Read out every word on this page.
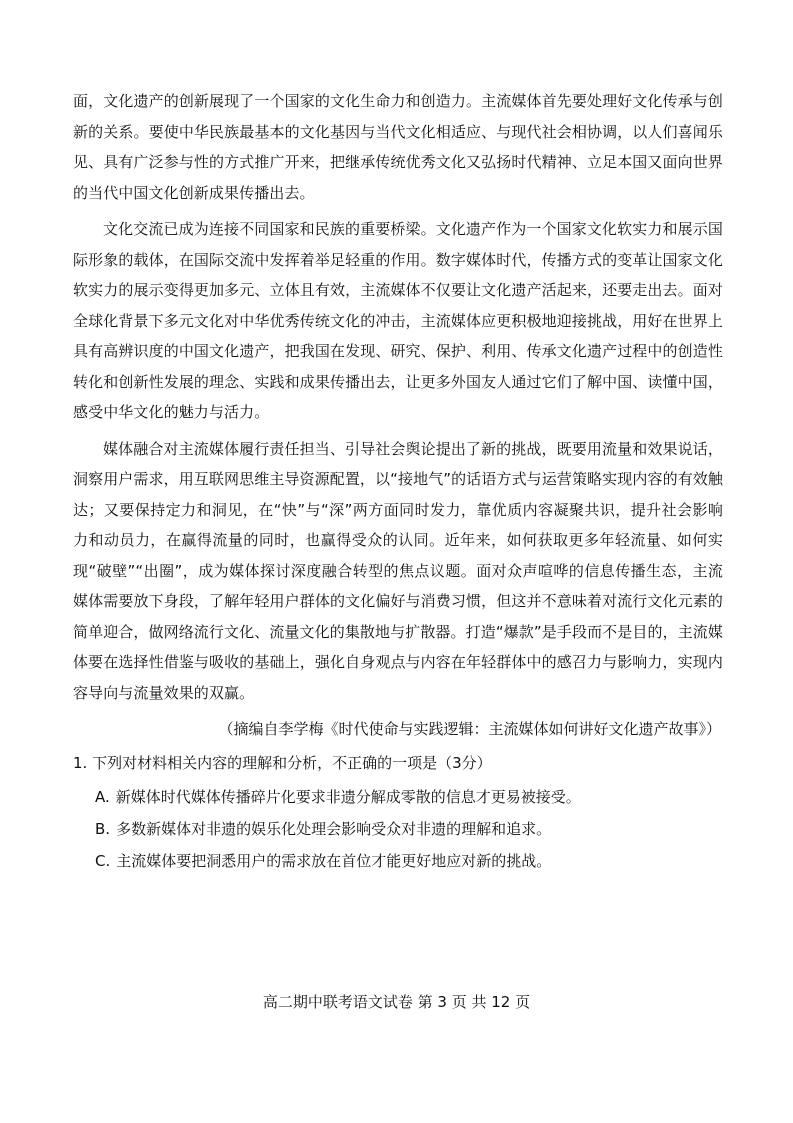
面，文化遗产的创新展现了一个国家的文化生命力和创造力。主流媒体首先要处理好文化传承与创新的关系。要使中华民族最基本的文化基因与当代文化相适应、与现代社会相协调，以人们喜闻乐见、具有广泛参与性的方式推广开来，把继承传统优秀文化又弘扬时代精神、立足本国又面向世界的当代中国文化创新成果传播出去。

文化交流已成为连接不同国家和民族的重要桥梁。文化遗产作为一个国家文化软实力和展示国际形象的载体，在国际交流中发挥着举足轻重的作用。数字媒体时代，传播方式的变革让国家文化软实力的展示变得更加多元、立体且有效，主流媒体不仅要让文化遗产活起来，还要走出去。面对全球化背景下多元文化对中华优秀传统文化的冲击，主流媒体应更积极地迎接挑战，用好在世界上具有高辨识度的中国文化遗产，把我国在发现、研究、保护、利用、传承文化遗产过程中的创造性转化和创新性发展的理念、实践和成果传播出去，让更多外国友人通过它们了解中国、读懂中国，感受中华文化的魅力与活力。

媒体融合对主流媒体履行责任担当、引导社会舆论提出了新的挑战，既要用流量和效果说话，洞察用户需求，用互联网思维主导资源配置，以“接地气”的话语方式与运营策略实现内容的有效触达；又要保持定力和洞见，在“快”与“深”两方面同时发力，靠优质内容凝聚共识，提升社会影响力和动员力，在赢得流量的同时，也赢得受众的认同。近年来，如何获取更多年轻流量、如何实现“破壁”“出圈”，成为媒体探讨深度融合转型的焦点议题。面对众声喧哗的信息传播生态，主流媒体需要放下身段，了解年轻用户群体的文化偏好与消费习惯，但这并不意味着对流行文化元素的简单迎合，做网络流行文化、流量文化的集散地与扩散器。打造“爆款”是手段而不是目的，主流媒体要在选择性借鉴与吸收的基础上，强化自身观点与内容在年轻群体中的感召力与影响力，实现内容导向与流量效果的双赢。

（摘编自李学梅《时代使命与实践逻辑：主流媒体如何讲好文化遗产故事》）

1. 下列对材料相关内容的理解和分析，不正确的一项是（3分）

A. 新媒体时代媒体传播碎片化要求非遗分解成零散的信息才更易被接受。

B. 多数新媒体对非遗的娱乐化处理会影响受众对非遗的理解和追求。

C. 主流媒体要把洞悉用户的需求放在首位才能更好地应对新的挑战。

高二期中联考语文试卷 第 3 页 共 12 页
